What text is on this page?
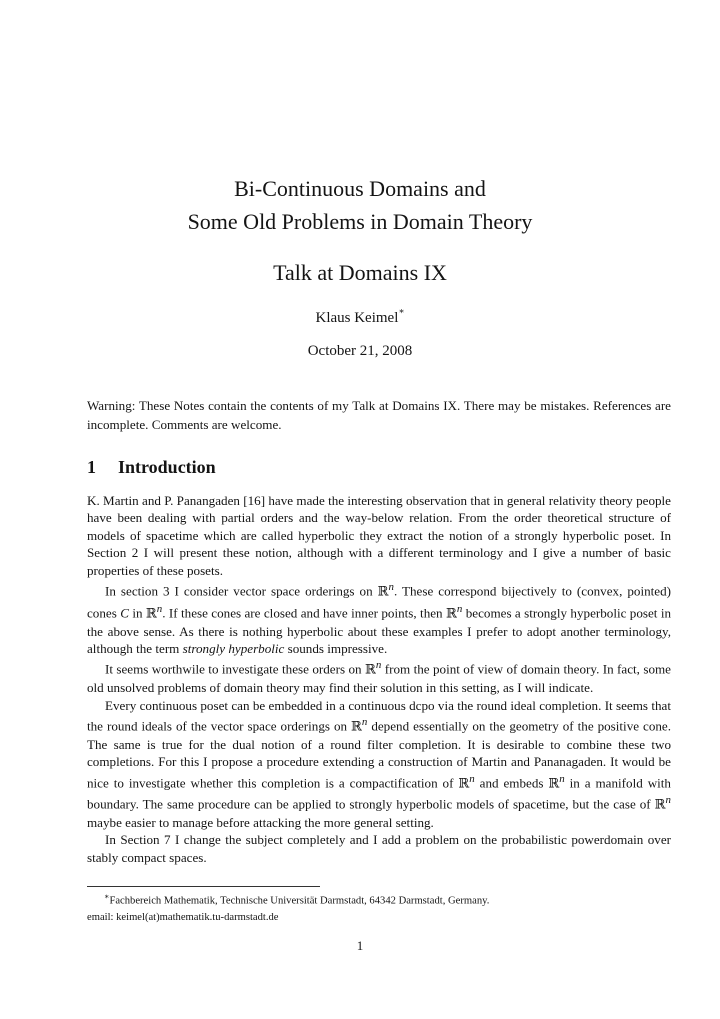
Bi-Continuous Domains and
Some Old Problems in Domain Theory
Talk at Domains IX
Klaus Keimel∗
October 21, 2008
Warning: These Notes contain the contents of my Talk at Domains IX. There may be mistakes. References are incomplete. Comments are welcome.
1 Introduction

K. Martin and P. Panangaden [16] have made the interesting observation that in general relativity theory people have been dealing with partial orders and the way-below relation. From the order theoretical structure of models of spacetime which are called hyperbolic they extract the notion of a strongly hyperbolic poset. In Section 2 I will present these notion, although with a different terminology and I give a number of basic properties of these posets.

In section 3 I consider vector space orderings on ℝ$^n$. These correspond bijectively to (convex, pointed) cones C in ℝ$^n$. If these cones are closed and have inner points, then ℝ$^n$ becomes a strongly hyperbolic poset in the above sense. As there is nothing hyperbolic about these examples I prefer to adopt another terminology, although the term strongly hyperbolic sounds impressive.

It seems worthwile to investigate these orders on ℝ$^n$ from the point of view of domain theory. In fact, some old unsolved problems of domain theory may find their solution in this setting, as I will indicate.

Every continuous poset can be embedded in a continuous dcpo via the round ideal completion. It seems that the round ideals of the vector space orderings on ℝ$^n$ depend essentially on the geometry of the positive cone. The same is true for the dual notion of a round filter completion. It is desirable to combine these two completions. For this I propose a procedure extending a construction of Martin and Pananagaden. It would be nice to investigate whether this completion is a compactification of ℝ$^n$ and embeds ℝ$^n$ in a manifold with boundary. The same procedure can be applied to strongly hyperbolic models of spacetime, but the case of ℝ$^n$ maybe easier to manage before attacking the more general setting.

In Section 7 I change the subject completely and I add a problem on the probabilistic powerdomain over stably compact spaces.

∗Fachbereich Mathematik, Technische Universität Darmstadt, 64342 Darmstadt, Germany.
email: keimel(at)mathematik.tu-darmstadt.de
1
